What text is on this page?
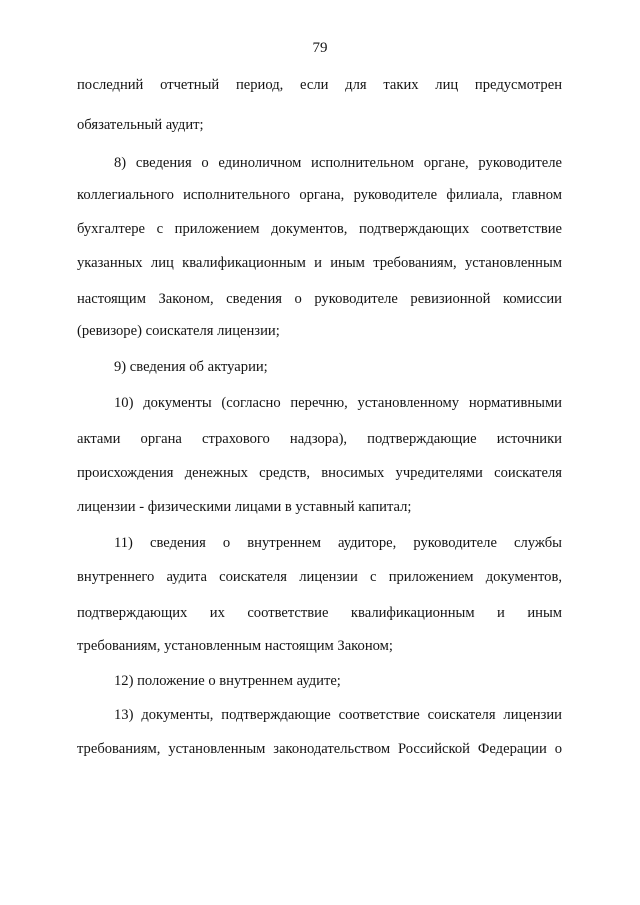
79
последний отчетный период, если для таких лиц предусмотрен
обязательный аудит;
8) сведения о единоличном исполнительном органе, руководителе
коллегиального исполнительного органа, руководителе филиала, главном
бухгалтере с приложением документов, подтверждающих соответствие
указанных лиц квалификационным и иным требованиям, установленным
настоящим Законом, сведения о руководителе ревизионной комиссии
(ревизоре) соискателя лицензии;
9) сведения об актуарии;
10) документы (согласно перечню, установленному нормативными
актами органа страхового надзора), подтверждающие источники
происхождения денежных средств, вносимых учредителями соискателя
лицензии - физическими лицами в уставный капитал;
11) сведения о внутреннем аудиторе, руководителе службы
внутреннего аудита соискателя лицензии с приложением документов,
подтверждающих их соответствие квалификационным и иным
требованиям, установленным настоящим Законом;
12) положение о внутреннем аудите;
13) документы, подтверждающие соответствие соискателя лицензии
требованиям, установленным законодательством Российской Федерации о
